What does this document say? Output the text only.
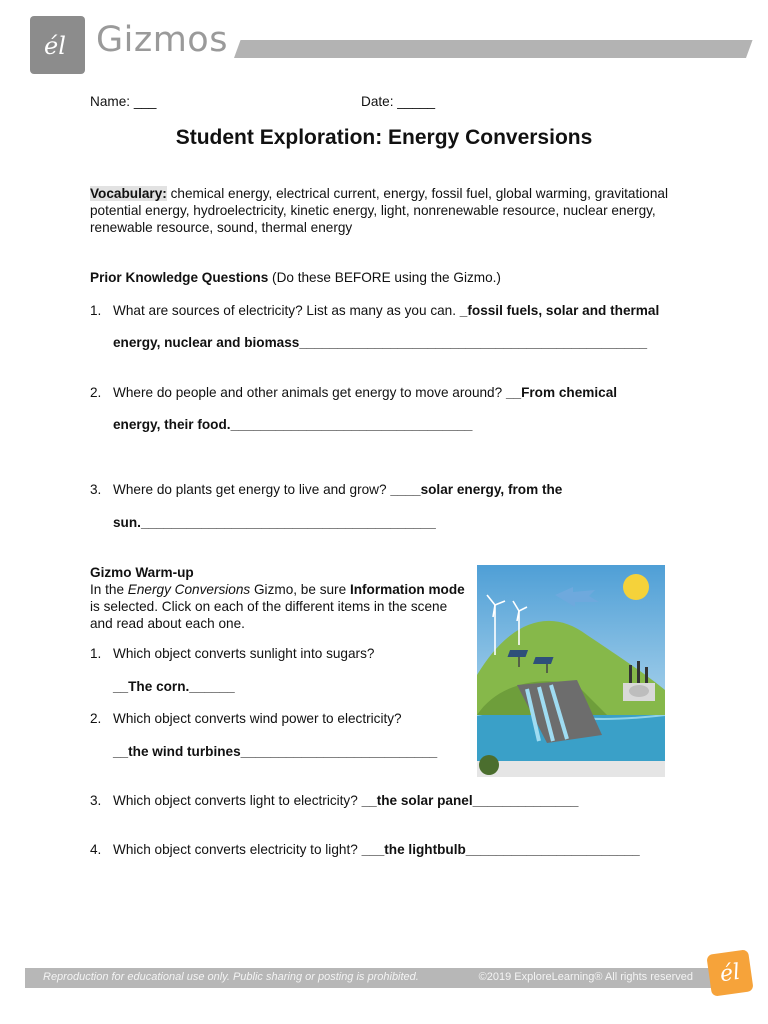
él Gizmos
Name: ___	Date: _____
Student Exploration: Energy Conversions
Vocabulary: chemical energy, electrical current, energy, fossil fuel, global warming, gravitational potential energy, hydroelectricity, kinetic energy, light, nonrenewable resource, nuclear energy, renewable resource, sound, thermal energy
Prior Knowledge Questions (Do these BEFORE using the Gizmo.)
1. What are sources of electricity? List as many as you can. _fossil fuels, solar and thermal
energy, nuclear and biomass______________________________________________
2. Where do people and other animals get energy to move around? __From chemical
energy, their food.________________________________
3. Where do plants get energy to live and grow? ____solar energy, from the
sun._______________________________________
Gizmo Warm-up
In the Energy Conversions Gizmo, be sure Information mode is selected. Click on each of the different items in the scene and read about each one.
1. Which object converts sunlight into sugars?
__The corn.______
2. Which object converts wind power to electricity?
__the wind turbines__________________________
3. Which object converts light to electricity? __the solar panel______________
4. Which object converts electricity to light? ___the lightbulb_______________________
Reproduction for educational use only. Public sharing or posting is prohibited.	©2019 ExploreLearning® All rights reserved él
